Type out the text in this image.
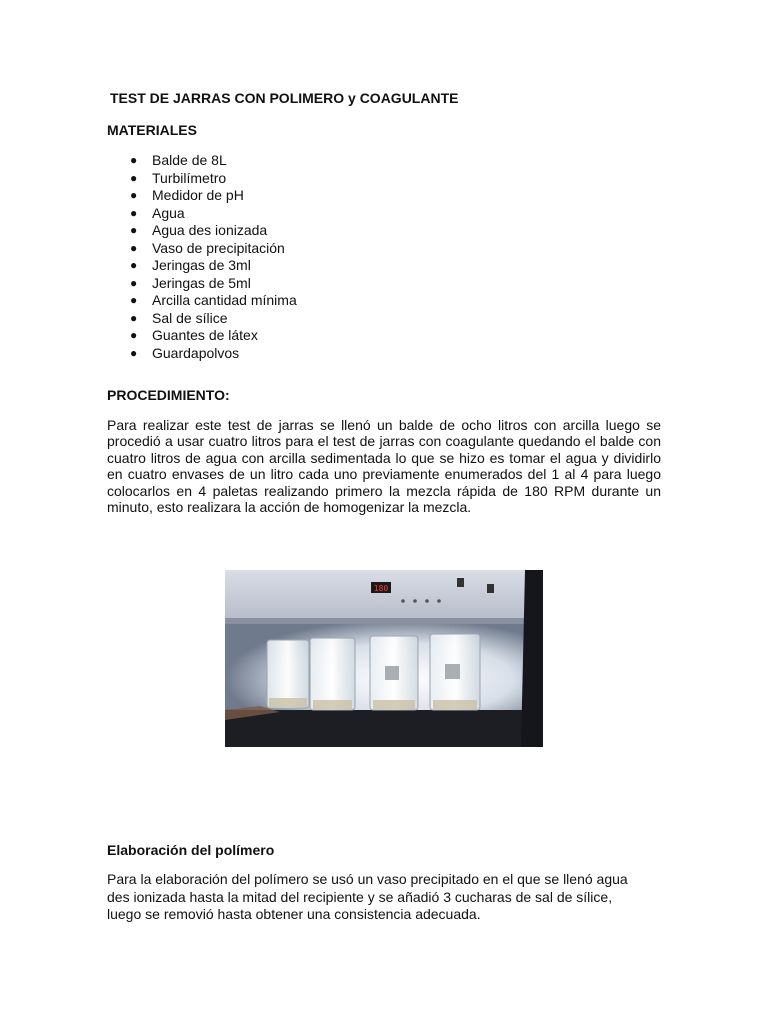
TEST DE JARRAS CON POLIMERO y COAGULANTE
MATERIALES
● Balde de 8L
● Turbilímetro
● Medidor de pH
● Agua
● Agua des ionizada
● Vaso de precipitación
● Jeringas de 3ml
● Jeringas de 5ml
● Arcilla cantidad mínima
● Sal de sílice
● Guantes de látex
● Guardapolvos
PROCEDIMIENTO:

Para realizar este test de jarras se llenó un balde de ocho litros con arcilla luego se procedió a usar cuatro litros para el test de jarras con coagulante quedando el balde con cuatro litros de agua con arcilla sedimentada lo que se hizo es tomar el agua y dividirlo en cuatro envases de un litro cada uno previamente enumerados del 1 al 4 para luego colocarlos en 4 paletas realizando primero la mezcla rápida de 180 RPM durante un minuto, esto realizara la acción de homogenizar la mezcla.

180
Elaboración del polímero

Para la elaboración del polímero se usó un vaso precipitado en el que se llenó agua des ionizada hasta la mitad del recipiente y se añadió 3 cucharas de sal de sílice, luego se removió hasta obtener una consistencia adecuada.
